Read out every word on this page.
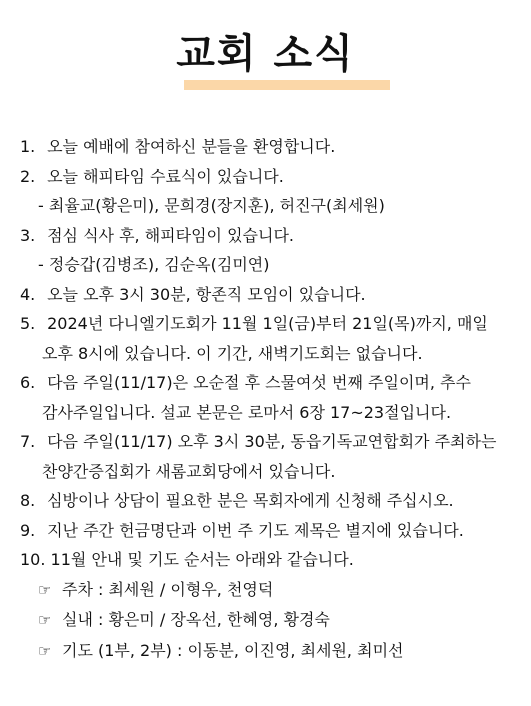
교회 소식
1. 오늘 예배에 참여하신 분들을 환영합니다.
2. 오늘 해피타임 수료식이 있습니다.
- 최율교(황은미), 문희경(장지훈), 허진구(최세원)
3. 점심 식사 후, 해피타임이 있습니다.
- 정승갑(김병조), 김순옥(김미연)
4. 오늘 오후 3시 30분, 항존직 모임이 있습니다.
5. 2024년 다니엘기도회가 11월 1일(금)부터 21일(목)까지, 매일
오후 8시에 있습니다. 이 기간, 새벽기도회는 없습니다.
6. 다음 주일(11/17)은 오순절 후 스물여섯 번째 주일이며, 추수
감사주일입니다. 설교 본문은 로마서 6장 17~23절입니다.
7. 다음 주일(11/17) 오후 3시 30분, 동읍기독교연합회가 주최하는
찬양간증집회가 새롬교회당에서 있습니다.
8. 심방이나 상담이 필요한 분은 목회자에게 신청해 주십시오.
9. 지난 주간 헌금명단과 이번 주 기도 제목은 별지에 있습니다.
10. 11월 안내 및 기도 순서는 아래와 같습니다.
☞ 주차 : 최세원 / 이형우, 천영덕
☞ 실내 : 황은미 / 장옥선, 한혜영, 황경숙
☞ 기도 (1부, 2부) : 이동분, 이진영, 최세원, 최미선
